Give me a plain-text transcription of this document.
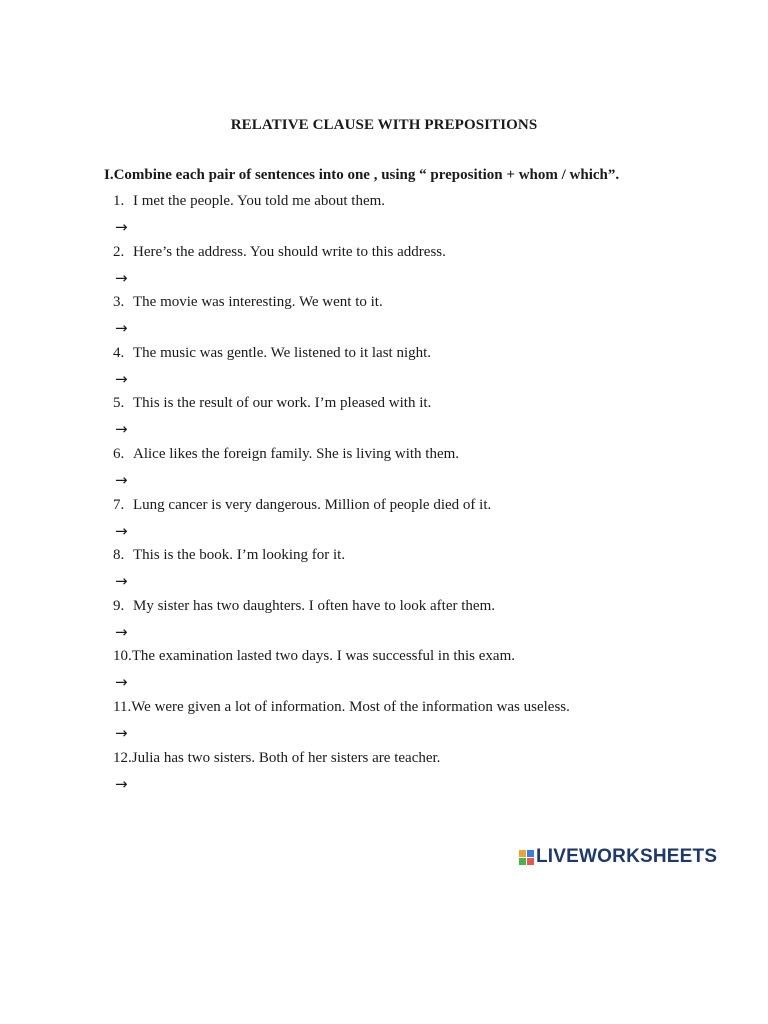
RELATIVE CLAUSE WITH PREPOSITIONS
I.Combine each pair of sentences into one , using “ preposition + whom / which”.
1. I met the people. You told me about them.
→
2. Here’s the address. You should write to this address.
→
3. The movie was interesting. We went to it.
→
4. The music was gentle. We listened to it last night.
→
5. This is the result of our work. I’m pleased with it.
→
6. Alice likes the foreign family. She is living with them.
→
7. Lung cancer is very dangerous. Million of people died of it.
→
8. This is the book. I’m looking for it.
→
9. My sister has two daughters. I often have to look after them.
→
10.The examination lasted two days. I was successful in this exam.
→
11.We were given a lot of information. Most of the information was useless.
→
12.Julia has two sisters. Both of her sisters are teacher.
→
LIVEWORKSHEETS
